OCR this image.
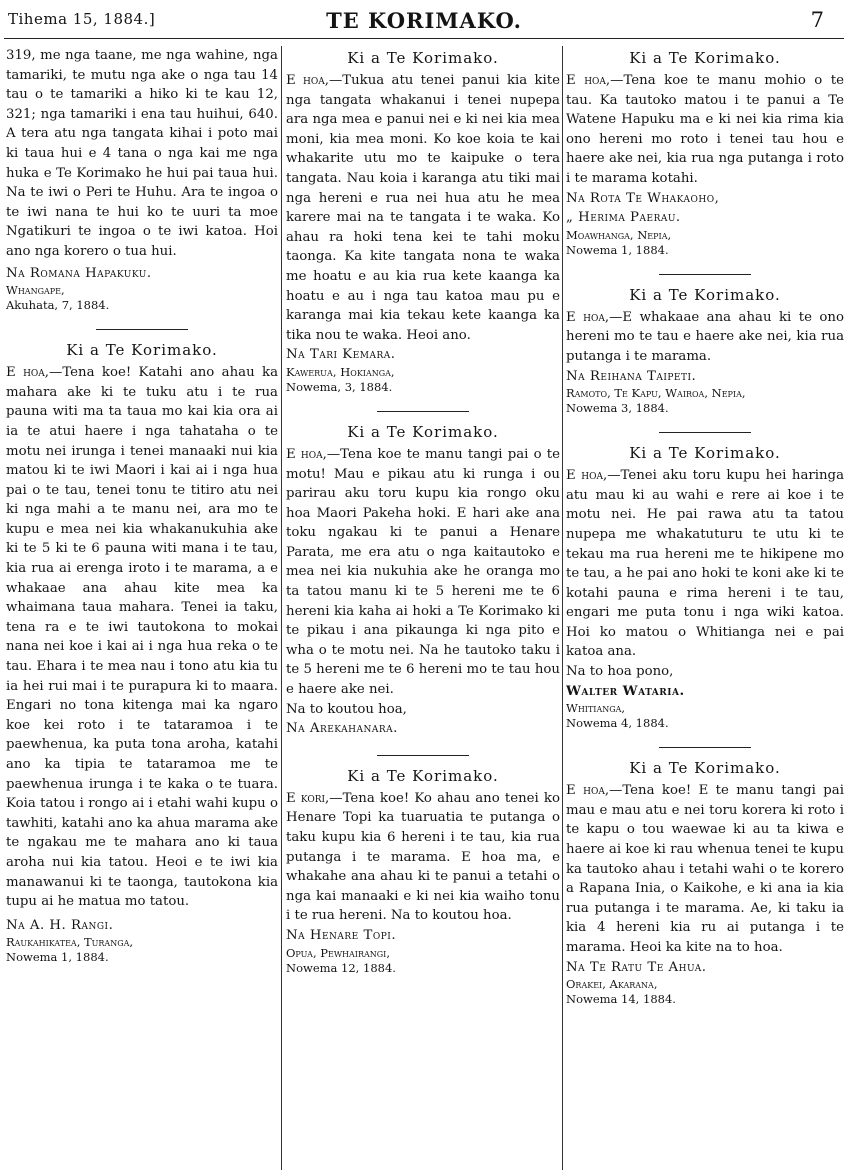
Tihema 15, 1884.]	TE KORIMAKO.	7

319, me nga taane, me nga wahine, nga tamariki, te mutu nga ake o nga tau 14 tau o te tamariki a hiko ki te kau 12, 321; nga tamariki i ena tau huihui, 640. A tera atu nga tangata kihai i poto mai ki taua hui e 4 tana o nga kai me nga huka e Te Korimako he hui pai taua hui. Na te iwi o Peri te Huhu. Ara te ingoa o te iwi nana te hui ko te uuri ta moe Ngatikuri te ingoa o te iwi katoa. Hoi ano nga korero o tua hui.

Na Romana Hapakuku.

Whangape,

Akuhata, 7, 1884.

Ki a Te Korimako.

E hoa,—Tena koe! Katahi ano ahau ka mahara ake ki te tuku atu i te rua pauna witi ma ta taua mo kai kia ora ai ia te atui haere i nga tahataha o te motu nei irunga i tenei manaaki nui kia matou ki te iwi Maori i kai ai i nga hua pai o te tau, tenei tonu te titiro atu nei ki nga mahi a te manu nei, ara mo te kupu e mea nei kia whakanukuhia ake ki te 5 ki te 6 pauna witi mana i te tau, kia rua ai erenga iroto i te marama, a e whakaae ana ahau kite mea ka whaimana taua mahara. Tenei ia taku, tena ra e te iwi tautokona to mokai nana nei koe i kai ai i nga hua reka o te tau. Ehara i te mea nau i tono atu kia tu ia hei rui mai i te purapura ki to maara. Engari no tona kitenga mai ka ngaro koe kei roto i te tataramoa i te paewhenua, ka puta tona aroha, katahi ano ka tipia te tataramoa me te paewhenua irunga i te kaka o te tuara. Koia tatou i rongo ai i etahi wahi kupu o tawhiti, katahi ano ka ahua marama ake te ngakau me te mahara ano ki taua aroha nui kia tatou. Heoi e te iwi kia manawanui ki te taonga, tautokona kia tupu ai he matua mo tatou.

Na A. H. Rangi.

Raukahikatea, Turanga,

Nowema 1, 1884.

Ki a Te Korimako.

E hoa,—Tukua atu tenei panui kia kite nga tangata whakanui i tenei nupepa ara nga mea e panui nei e ki nei kia mea moni, kia mea moni. Ko koe koia te kai whakarite utu mo te kaipuke o tera tangata. Nau koia i karanga atu tiki mai nga hereni e rua nei hua atu he mea karere mai na te tangata i te waka. Ko ahau ra hoki tena kei te tahi moku taonga. Ka kite tangata nona te waka me hoatu e au kia rua kete kaanga ka hoatu e au i nga tau katoa mau pu e karanga mai kia tekau kete kaanga ka tika nou te waka. Heoi ano.

Na Tari Kemara.

Kaweruа, Hokianga,

Nowema, 3, 1884.

Ki a Te Korimako.

E hoa,—Tena koe te manu tangi pai o te motu! Mau e pikau atu ki runga i ou parirau aku toru kupu kia rongo oku hoa Maori Pakeha hoki. E hari ake ana toku ngakau ki te panui a Henare Parata, me era atu o nga kaitautoko e mea nei kia nukuhia ake he oranga mo ta tatou manu ki te 5 hereni me te 6 hereni kia kaha ai hoki a Te Korimako ki te pikau i ana pikaunga ki nga pito e wha o te motu nei. Na he tautoko taku i te 5 hereni me te 6 hereni mo te tau hou e haere ake nei.

Na to koutou hoa,

Na Arekahanara.

Ki a Te Korimako.

E kori,—Tena koe! Ko ahau ano tenei ko Henare Topi ka tuaruatia te putanga o taku kupu kia 6 hereni i te tau, kia rua putanga i te marama. E hoa ma, e whakahe ana ahau ki te panui a tetahi o nga kai manaaki e ki nei kia waiho tonu i te rua hereni. Na to koutou hoa.

Na Henare Topi.

Opua, Pewhairangi,

Nowema 12, 1884.

Ki a Te Korimako.

E hoa,—Tena koe te manu mohio o te tau. Ka tautoko matou i te panui a Te Watene Hapuku ma e ki nei kia rima kia ono hereni mo roto i tenei tau hou e haere ake nei, kia rua nga putanga i roto i te marama kotahi.

Na Rota Te Whakaoho,

„ Herima Paerau.

Moawhanga, Nepia,

Nowema 1, 1884.

Ki a Te Korimako.

E hoa,—E whakaae ana ahau ki te ono hereni mo te tau e haere ake nei, kia rua putanga i te marama.

Na Reihana Taipeti.

Ramoto, Te Kapu, Wairoa, Nepia,

Nowema 3, 1884.

Ki a Te Korimako.

E hoa,—Tenei aku toru kupu hei haringa atu mau ki au wahi e rere ai koe i te motu nei. He pai rawa atu ta tatou nupepa me whakatuturu te utu ki te tekau ma rua hereni me te hikipene mo te tau, a he pai ano hoki te koni ake ki te kotahi pauna e rima hereni i te tau, engari me puta tonu i nga wiki katoa. Hoi ko matou o Whitianga nei e pai katoa ana.

Na to hoa pono,

Walter Wataria.

Whitianga,

Nowema 4, 1884.

Ki a Te Korimako.

E hoa,—Tena koe! E te manu tangi pai mau e mau atu e nei toru korera ki roto i te kapu o tou waewae ki au ta kiwa e haere ai koe ki rau whenua tenei te kupu ka tautoko ahau i tetahi wahi o te korero a Rapana Inia, o Kaikohe, e ki ana ia kia rua putanga i te marama. Ae, ki taku ia kia 4 hereni kia ru ai putanga i te marama. Heoi ka kite na to hoa.

Na Te Ratu Te Ahua.

Orakei, Akarana,

Nowema 14, 1884.
